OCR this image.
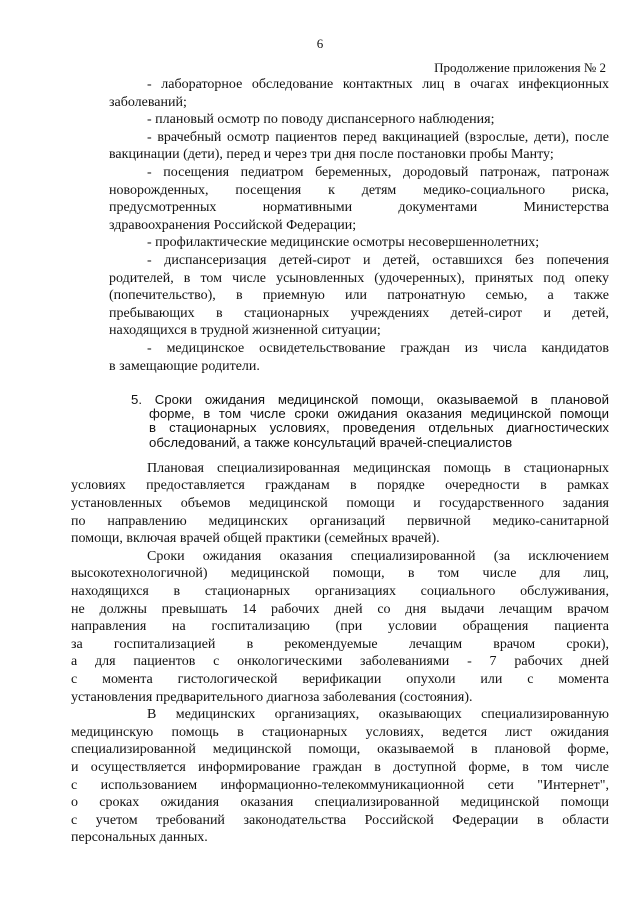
6
Продолжение приложения № 2
- лабораторное обследование контактных лиц в очагах инфекционных
заболеваний;
- плановый осмотр по поводу диспансерного наблюдения;
- врачебный осмотр пациентов перед вакцинацией (взрослые, дети), после
вакцинации (дети), перед и через три дня после постановки пробы Манту;
- посещения педиатром беременных, дородовый патронаж, патронаж
новорожденных, посещения к детям медико-социального риска,
предусмотренных нормативными документами Министерства
здравоохранения Российской Федерации;
- профилактические медицинские осмотры несовершеннолетних;
- диспансеризация детей-сирот и детей, оставшихся без попечения
родителей, в том числе усыновленных (удочеренных), принятых под опеку
(попечительство), в приемную или патронатную семью, а также
пребывающих в стационарных учреждениях детей-сирот и детей,
находящихся в трудной жизненной ситуации;
- медицинское освидетельствование граждан из числа кандидатов
в замещающие родители.
5. Сроки ожидания медицинской помощи, оказываемой в плановой
форме, в том числе сроки ожидания оказания медицинской помощи
в стационарных условиях, проведения отдельных диагностических
обследований, а также консультаций врачей-специалистов
Плановая специализированная медицинская помощь в стационарных
условиях предоставляется гражданам в порядке очередности в рамках
установленных объемов медицинской помощи и государственного задания
по направлению медицинских организаций первичной медико-санитарной
помощи, включая врачей общей практики (семейных врачей).
Сроки ожидания оказания специализированной (за исключением
высокотехнологичной) медицинской помощи, в том числе для лиц,
находящихся в стационарных организациях социального обслуживания,
не должны превышать 14 рабочих дней со дня выдачи лечащим врачом
направления на госпитализацию (при условии обращения пациента
за госпитализацией в рекомендуемые лечащим врачом сроки),
а для пациентов с онкологическими заболеваниями - 7 рабочих дней
с момента гистологической верификации опухоли или с момента
установления предварительного диагноза заболевания (состояния).
В медицинских организациях, оказывающих специализированную
медицинскую помощь в стационарных условиях, ведется лист ожидания
специализированной медицинской помощи, оказываемой в плановой форме,
и осуществляется информирование граждан в доступной форме, в том числе
с использованием информационно-телекоммуникационной сети "Интернет",
о сроках ожидания оказания специализированной медицинской помощи
с учетом требований законодательства Российской Федерации в области
персональных данных.
